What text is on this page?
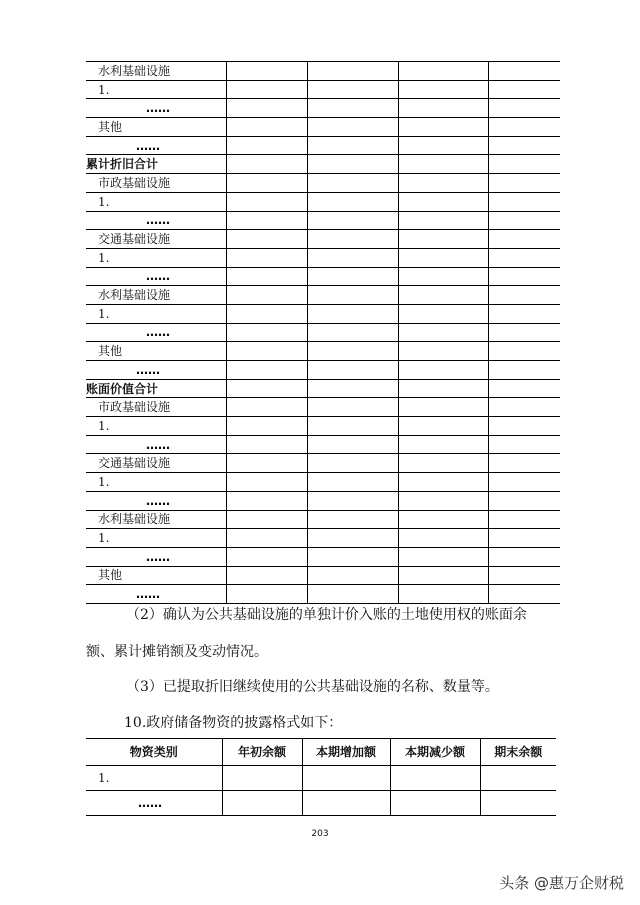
水利基础设施				
1.				
……				
其他				
……				
累计折旧合计				
市政基础设施				
1.				
……				
交通基础设施				
1.				
……				
水利基础设施				
1.				
……				
其他				
……				
账面价值合计				
市政基础设施				
1.				
……				
交通基础设施				
1.				
……				
水利基础设施				
1.				
……				
其他				
……				
（2）确认为公共基础设施的单独计价入账的土地使用权的账面余
额、累计摊销额及变动情况。
（3）已提取折旧继续使用的公共基础设施的名称、数量等。
10.政府储备物资的披露格式如下：
物资类别	年初余额	本期增加额	本期减少额	期末余额
1.				
……				
203
头条 @惠万企财税
